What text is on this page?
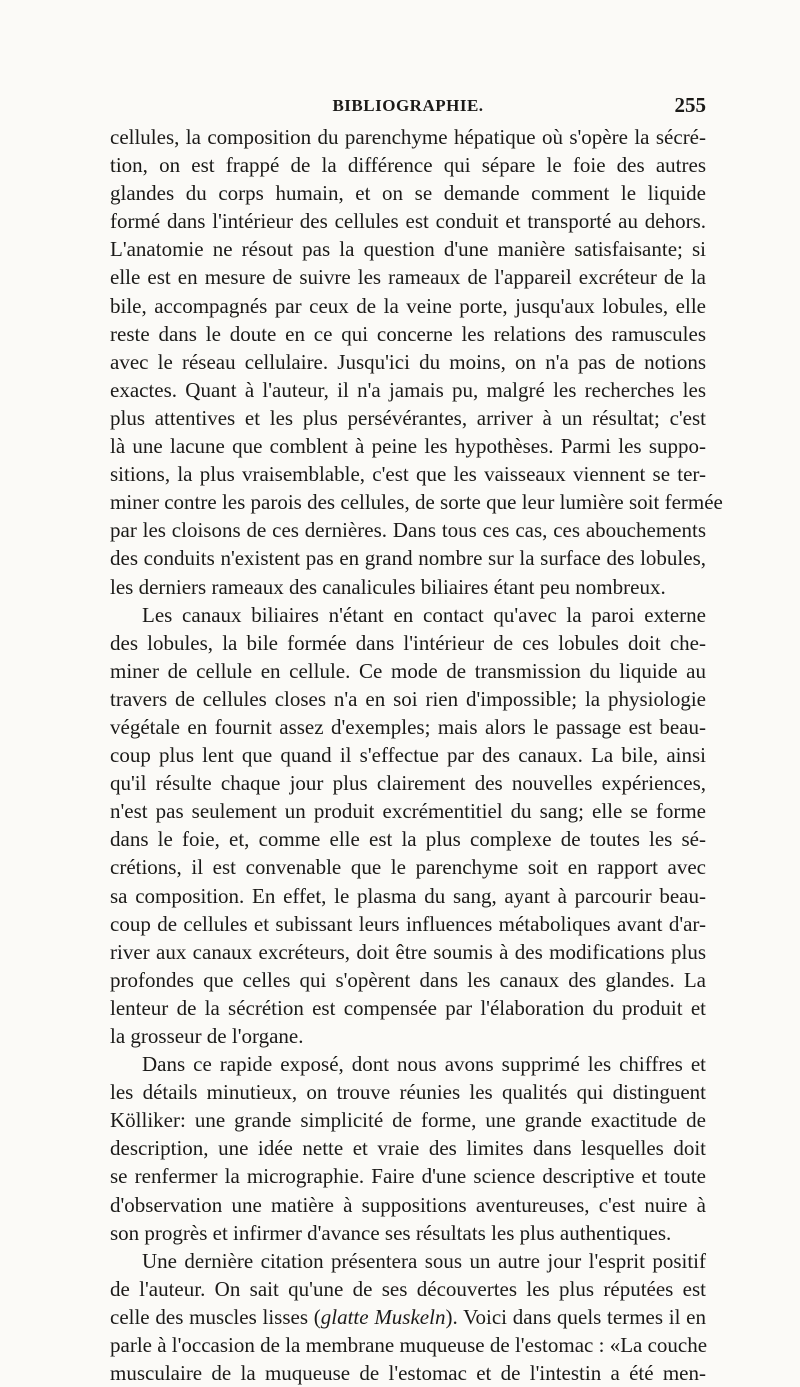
BIBLIOGRAPHIE.	255
cellules, la composition du parenchyme hépatique où s'opère la sécré-
tion, on est frappé de la différence qui sépare le foie des autres
glandes du corps humain, et on se demande comment le liquide
formé dans l'intérieur des cellules est conduit et transporté au dehors.
L'anatomie ne résout pas la question d'une manière satisfaisante; si
elle est en mesure de suivre les rameaux de l'appareil excréteur de la
bile, accompagnés par ceux de la veine porte, jusqu'aux lobules, elle
reste dans le doute en ce qui concerne les relations des ramuscules
avec le réseau cellulaire. Jusqu'ici du moins, on n'a pas de notions
exactes. Quant à l'auteur, il n'a jamais pu, malgré les recherches les
plus attentives et les plus persévérantes, arriver à un résultat; c'est
là une lacune que comblent à peine les hypothèses. Parmi les suppo-
sitions, la plus vraisemblable, c'est que les vaisseaux viennent se ter-
miner contre les parois des cellules, de sorte que leur lumière soit fermée
par les cloisons de ces dernières. Dans tous ces cas, ces abouchements
des conduits n'existent pas en grand nombre sur la surface des lobules,
les derniers rameaux des canalicules biliaires étant peu nombreux.
Les canaux biliaires n'étant en contact qu'avec la paroi externe
des lobules, la bile formée dans l'intérieur de ces lobules doit che-
miner de cellule en cellule. Ce mode de transmission du liquide au
travers de cellules closes n'a en soi rien d'impossible; la physiologie
végétale en fournit assez d'exemples; mais alors le passage est beau-
coup plus lent que quand il s'effectue par des canaux. La bile, ainsi
qu'il résulte chaque jour plus clairement des nouvelles expériences,
n'est pas seulement un produit excrémentitiel du sang; elle se forme
dans le foie, et, comme elle est la plus complexe de toutes les sé-
crétions, il est convenable que le parenchyme soit en rapport avec
sa composition. En effet, le plasma du sang, ayant à parcourir beau-
coup de cellules et subissant leurs influences métaboliques avant d'ar-
river aux canaux excréteurs, doit être soumis à des modifications plus
profondes que celles qui s'opèrent dans les canaux des glandes. La
lenteur de la sécrétion est compensée par l'élaboration du produit et
la grosseur de l'organe.
Dans ce rapide exposé, dont nous avons supprimé les chiffres et
les détails minutieux, on trouve réunies les qualités qui distinguent
Kölliker: une grande simplicité de forme, une grande exactitude de
description, une idée nette et vraie des limites dans lesquelles doit
se renfermer la micrographie. Faire d'une science descriptive et toute
d'observation une matière à suppositions aventureuses, c'est nuire à
son progrès et infirmer d'avance ses résultats les plus authentiques.
Une dernière citation présentera sous un autre jour l'esprit positif
de l'auteur. On sait qu'une de ses découvertes les plus réputées est
celle des muscles lisses (glatte Muskeln). Voici dans quels termes il en
parle à l'occasion de la membrane muqueuse de l'estomac : «La couche
musculaire de la muqueuse de l'estomac et de l'intestin a été men-
